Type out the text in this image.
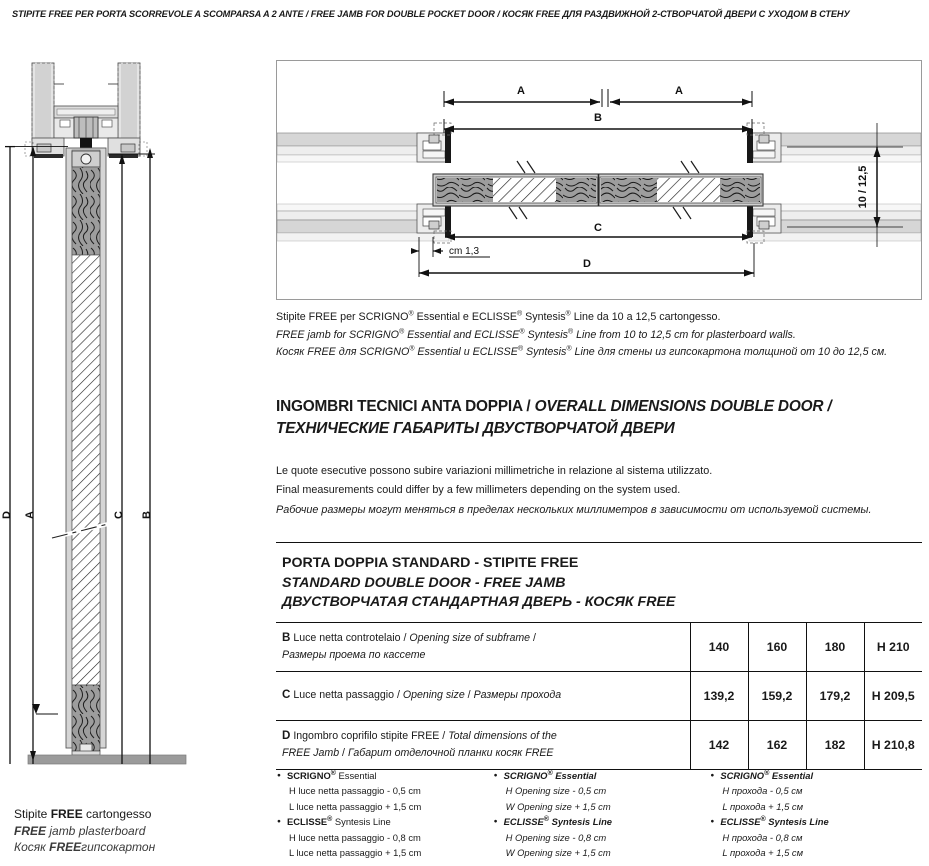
STIPITE FREE PER PORTA SCORREVOLE A SCOMPARSA A 2 ANTE / FREE JAMB FOR DOUBLE POCKET DOOR / КОСЯК FREE ДЛЯ РАЗДВИЖНОЙ 2-СТВОРЧАТОЙ ДВЕРИ С УХОДОМ В СТЕНУ
D A	C B
Stipite FREE cartongesso
FREE jamb plasterboard
Косяк FREEгипсокартон
A	A
B
C
cm 1,3
D
10 / 12,5
Stipite FREE per SCRIGNO® Essential e ECLISSE® Syntesis® Line da 10 a 12,5 cartongesso.
FREE jamb for SCRIGNO® Essential and ECLISSE® Syntesis® Line from 10 to 12,5 cm for plasterboard walls.
Косяк FREE для SCRIGNO® Essential и ECLISSE® Syntesis® Line для стены из гипсокартона толщиной от 10 до 12,5 см.
INGOMBRI TECNICI ANTA DOPPIA / OVERALL DIMENSIONS DOUBLE DOOR /
ТЕХНИЧЕСКИЕ ГАБАРИТЫ ДВУСТВОРЧАТОЙ ДВЕРИ
Le quote esecutive possono subire variazioni millimetriche in relazione al sistema utilizzato.
Final measurements could differ by a few millimeters depending on the system used.
Рабочие размеры могут меняться в пределах нескольких миллиметров в зависимости от используемой системы.
PORTA DOPPIA STANDARD - STIPITE FREE
STANDARD DOUBLE DOOR - FREE JAMB
ДВУСТВОРЧАТАЯ СТАНДАРТНАЯ ДВЕРЬ - КОСЯК FREE
B Luce netta controtelaio / Opening size of subframe /
Размеры проема по кассете	140	160	180	H 210

C Luce netta passaggio / Opening size / Размеры прохода	139,2	159,2	179,2	H 209,5

D Ingombro coprifilo stipite FREE / Total dimensions of the
FREE Jamb / Габарит отделочной планки косяк FREE	142	162	182	H 210,8
● SCRIGNO® Essential
H luce netta passaggio - 0,5 cm
L luce netta passaggio + 1,5 cm
● ECLISSE® Syntesis Line
H luce netta passaggio - 0,8 cm
L luce netta passaggio + 1,5 cm
● SCRIGNO® Essential
H Opening size - 0,5 cm
W Opening size + 1,5 cm
● ECLISSE® Syntesis Line
H Opening size - 0,8 cm
W Opening size + 1,5 cm
● SCRIGNO® Essential
H прохода - 0,5 см
L прохода + 1,5 см
● ECLISSE® Syntesis Line
H прохода - 0,8 см
L прохода + 1,5 см
